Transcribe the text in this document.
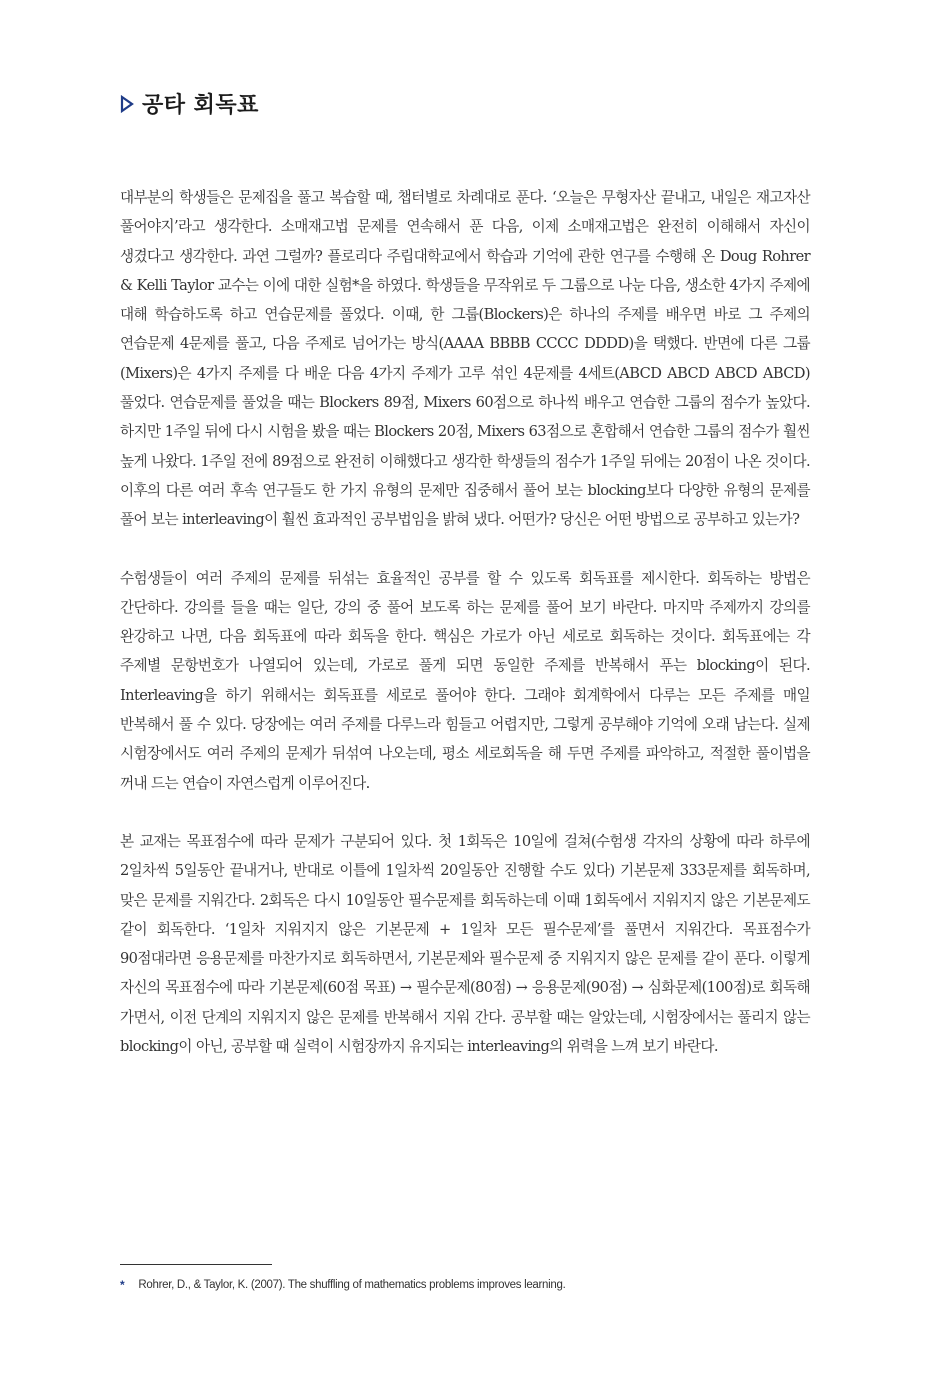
공타 회독표

대부분의 학생들은 문제집을 풀고 복습할 때, 챕터별로 차례대로 푼다. ‘오늘은 무형자산 끝내고, 내일은 재고자산 풀어야지’라고 생각한다. 소매재고법 문제를 연속해서 푼 다음, 이제 소매재고법은 완전히 이해해서 자신이 생겼다고 생각한다. 과연 그럴까? 플로리다 주립대학교에서 학습과 기억에 관한 연구를 수행해 온 Doug Rohrer & Kelli Taylor 교수는 이에 대한 실험*을 하였다. 학생들을 무작위로 두 그룹으로 나눈 다음, 생소한 4가지 주제에 대해 학습하도록 하고 연습문제를 풀었다. 이때, 한 그룹(Blockers)은 하나의 주제를 배우면 바로 그 주제의 연습문제 4문제를 풀고, 다음 주제로 넘어가는 방식(AAAA BBBB CCCC DDDD)을 택했다. 반면에 다른 그룹(Mixers)은 4가지 주제를 다 배운 다음 4가지 주제가 고루 섞인 4문제를 4세트(ABCD ABCD ABCD ABCD) 풀었다. 연습문제를 풀었을 때는 Blockers 89점, Mixers 60점으로 하나씩 배우고 연습한 그룹의 점수가 높았다. 하지만 1주일 뒤에 다시 시험을 봤을 때는 Blockers 20점, Mixers 63점으로 혼합해서 연습한 그룹의 점수가 훨씬 높게 나왔다. 1주일 전에 89점으로 완전히 이해했다고 생각한 학생들의 점수가 1주일 뒤에는 20점이 나온 것이다. 이후의 다른 여러 후속 연구들도 한 가지 유형의 문제만 집중해서 풀어 보는 blocking보다 다양한 유형의 문제를 풀어 보는 interleaving이 훨씬 효과적인 공부법임을 밝혀 냈다. 어떤가? 당신은 어떤 방법으로 공부하고 있는가?

수험생들이 여러 주제의 문제를 뒤섞는 효율적인 공부를 할 수 있도록 회독표를 제시한다. 회독하는 방법은 간단하다. 강의를 들을 때는 일단, 강의 중 풀어 보도록 하는 문제를 풀어 보기 바란다. 마지막 주제까지 강의를 완강하고 나면, 다음 회독표에 따라 회독을 한다. 핵심은 가로가 아닌 세로로 회독하는 것이다. 회독표에는 각 주제별 문항번호가 나열되어 있는데, 가로로 풀게 되면 동일한 주제를 반복해서 푸는 blocking이 된다. Interleaving을 하기 위해서는 회독표를 세로로 풀어야 한다. 그래야 회계학에서 다루는 모든 주제를 매일 반복해서 풀 수 있다. 당장에는 여러 주제를 다루느라 힘들고 어렵지만, 그렇게 공부해야 기억에 오래 남는다. 실제 시험장에서도 여러 주제의 문제가 뒤섞여 나오는데, 평소 세로회독을 해 두면 주제를 파악하고, 적절한 풀이법을 꺼내 드는 연습이 자연스럽게 이루어진다.

본 교재는 목표점수에 따라 문제가 구분되어 있다. 첫 1회독은 10일에 걸쳐(수험생 각자의 상황에 따라 하루에 2일차씩 5일동안 끝내거나, 반대로 이틀에 1일차씩 20일동안 진행할 수도 있다) 기본문제 333문제를 회독하며, 맞은 문제를 지워간다. 2회독은 다시 10일동안 필수문제를 회독하는데 이때 1회독에서 지워지지 않은 기본문제도 같이 회독한다. ‘1일차 지워지지 않은 기본문제 + 1일차 모든 필수문제’를 풀면서 지워간다. 목표점수가 90점대라면 응용문제를 마찬가지로 회독하면서, 기본문제와 필수문제 중 지워지지 않은 문제를 같이 푼다. 이렇게 자신의 목표점수에 따라 기본문제(60점 목표) → 필수문제(80점) → 응용문제(90점) → 심화문제(100점)로 회독해 가면서, 이전 단계의 지워지지 않은 문제를 반복해서 지워 간다. 공부할 때는 알았는데, 시험장에서는 풀리지 않는 blocking이 아닌, 공부할 때 실력이 시험장까지 유지되는 interleaving의 위력을 느껴 보기 바란다.

* Rohrer, D., & Taylor, K. (2007). The shuffling of mathematics problems improves learning.
